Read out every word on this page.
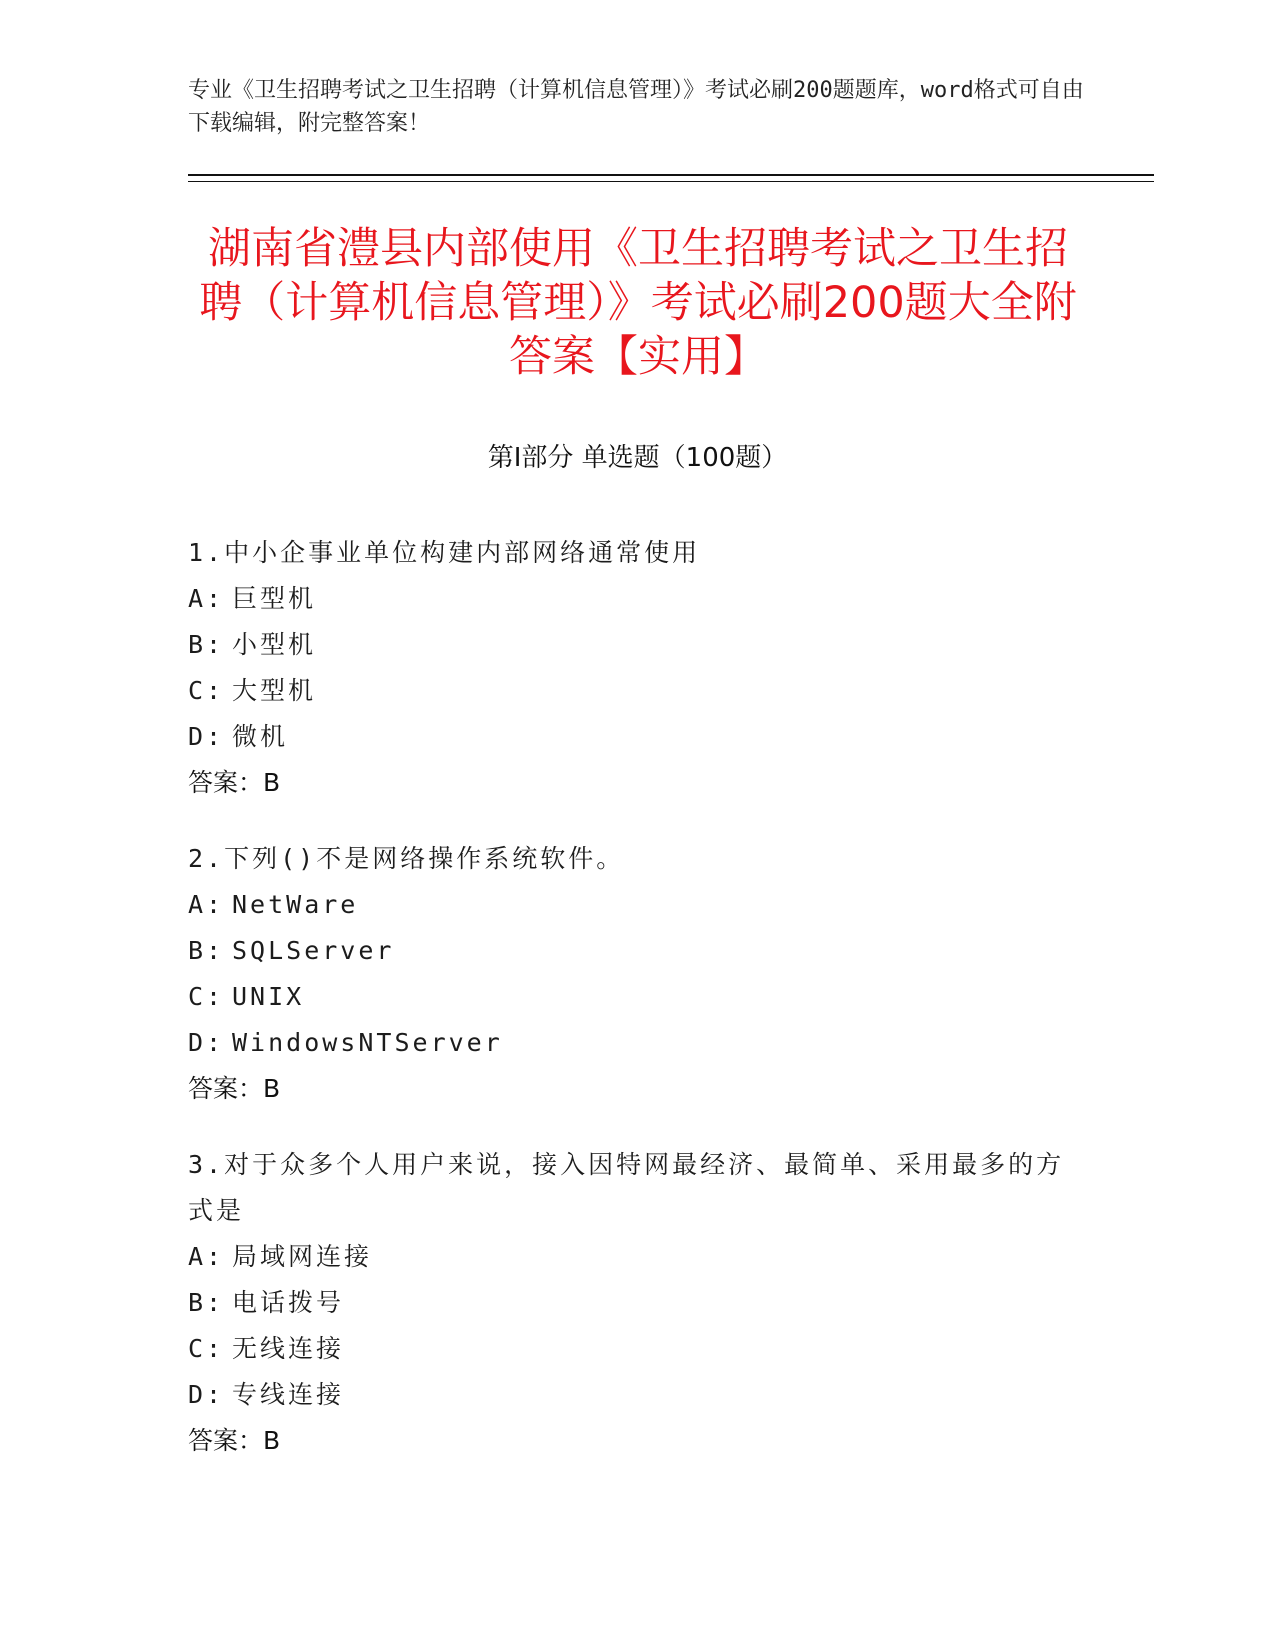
专业《卫生招聘考试之卫生招聘（计算机信息管理）》考试必刷200题题库，word格式可自由下载编辑，附完整答案！
湖南省澧县内部使用《卫生招聘考试之卫生招聘（计算机信息管理）》考试必刷200题大全附答案【实用】
第Ⅰ部分 单选题（100题）
1.中小企事业单位构建内部网络通常使用
A: 巨型机
B: 小型机
C: 大型机
D: 微机
答案：B
2.下列()不是网络操作系统软件。
A: NetWare
B: SQLServer
C: UNIX
D: WindowsNTServer
答案：B
3.对于众多个人用户来说，接入因特网最经济、最简单、采用最多的方式是
A: 局域网连接
B: 电话拨号
C: 无线连接
D: 专线连接
答案：B
